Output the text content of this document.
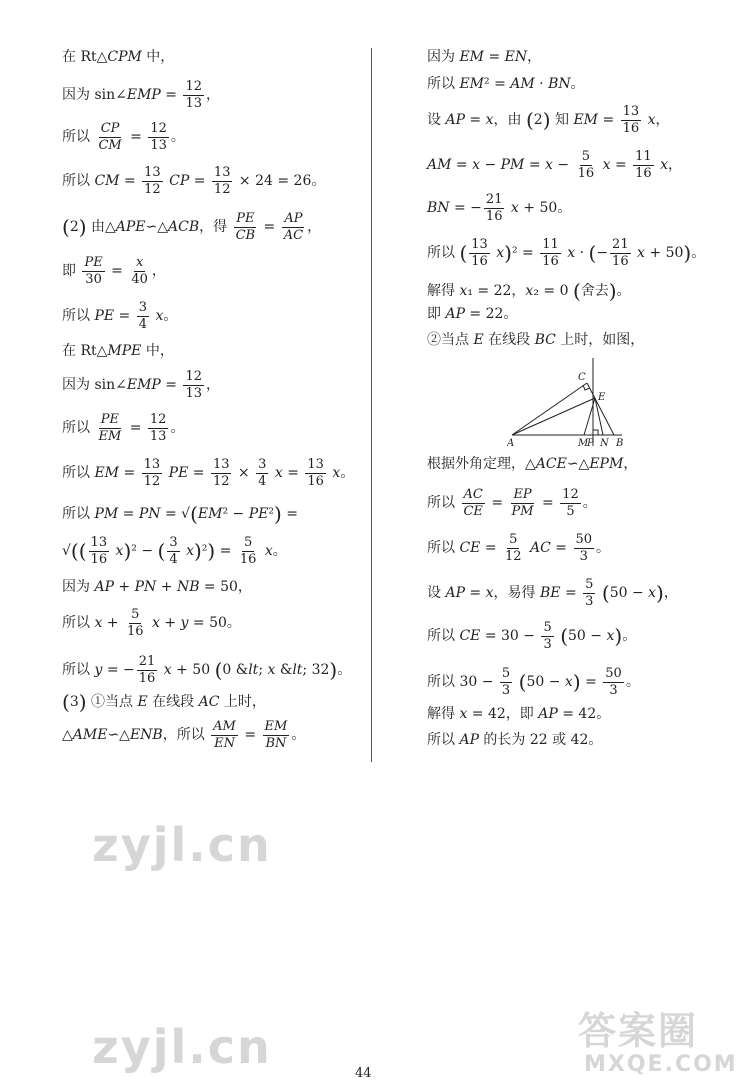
在 Rt△CPM 中，
因为 sin∠EMP = $\frac{12}{13}$ ，
所以 $\frac{CP}{CM} = \frac{12}{13}$ 。
所以 CM = $\frac{13}{12}$ CP = $\frac{13}{12} \times 24 = 26$。
(2) 由△APE∽△ACB，得 $\frac{PE}{CB} = \frac{AP}{AC}$ ，
即 $\frac{PE}{30} = \frac{x}{40}$ ，
所以 PE = $\frac{3}{4}$ x。
在 Rt△MPE 中，
因为 sin∠EMP = $\frac{12}{13}$ ，
所以 $\frac{PE}{EM} = \frac{12}{13}$ 。
所以 EM = $\frac{13}{12}$ PE = $\frac{13}{12} \times \frac{3}{4}$ $x = \frac{13}{16}$ x。
所以 PM = PN = √(EM² − PE²) =
√(( $\frac{13}{16} x)^2$ − ( $\frac{3}{4} x)^2) = \frac{5}{16}$ x。
因为 AP + PN + NB = 50，
所以 $x + \frac{5}{16}$ x + y = 50。
所以 y = − $\frac{21}{16}$ x + 50 (0 &lt; x &lt; 32)。
(3) ①当点 E 在线段 AC 上时，
△AME∽△ENB，所以 $\frac{AM}{EN} = \frac{EM}{BN}$ 。
因为 EM = EN，
所以 EM² = AM · BN。
设 AP = x，由 (2) 知 EM = $\frac{13}{16}$ x，
AM = x − PM = $x - \frac{5}{16}$ $x = \frac{11}{16}$ x，
BN = − $\frac{21}{16}$ x + 50。
所以 ( $\frac{13}{16} x)^2 = \frac{11}{16}$ x · (− $\frac{21}{16}$ x + 50)。
解得 x₁ = 22，x₂ = 0 (舍去)。
即 AP = 22。
②当点 E 在线段 BC 上时，如图，
C
E
A	M
P N B
根据外角定理，△ACE∽△EPM，
所以 $\frac{AC}{CE} = \frac{EP}{PM} = \frac{12}{5}$ 。
所以 CE = $\frac{5}{12}$ AC = $\frac{50}{3}$ 。
设 AP = x，易得 BE = $\frac{5}{3} (50 - x)$，
所以 CE = $30 - \frac{5}{3} (50 - x)$。
所以 $30 - \frac{5}{3} (50 - x) = \frac{50}{3}$ 。
解得 x = 42，即 AP = 42。
所以 AP 的长为 22 或 42。
zyjl.cn
zyjl.cn	答案圈
MXQE.COM
44
